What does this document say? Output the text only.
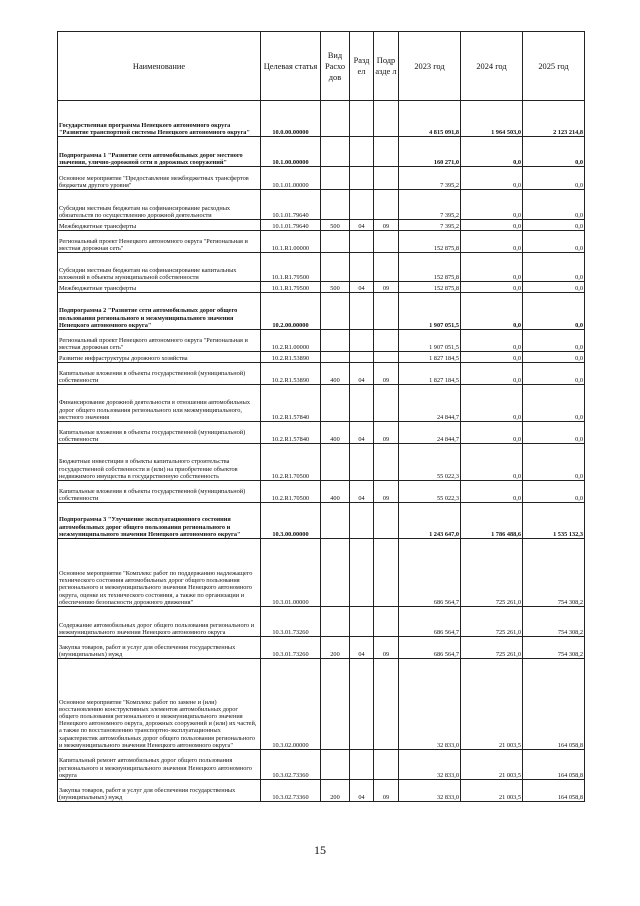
Наименование	Целевая статья	Вид Расхо дов	Разд ел	Подр азде л	2023 год	2024 год	2025 год
Государственная программа Ненецкого автономного округа "Развитие транспортной системы Ненецкого автономного округа"	10.0.00.00000				4 815 091,8	1 964 503,0	2 123 214,8
Подпрограмма 1 "Развитие сети автомобильных дорог местного значения, улично-дорожной сети в дорожных сооружений"	10.1.00.00000				160 271,0	0,0	0,0
Основное мероприятие "Предоставление межбюджетных трансфертов бюджетам другого уровня"	10.1.01.00000				7 395,2	0,0	0,0
Субсидии местным бюджетам на софинансирование расходных обязательств по осуществлению дорожной деятельности	10.1.01.79640				7 395,2	0,0	0,0
Межбюджетные трансферты	10.1.01.79640	500	04	09	7 395,2	0,0	0,0
Региональный проект Ненецкого автономного округа "Региональная и местная дорожная сеть"	10.1.R1.00000				152 875,8	0,0	0,0
Субсидии местным бюджетам на софинансирование капитальных вложений в объекты муниципальной собственности	10.1.R1.79500				152 875,8	0,0	0,0
Межбюджетные трансферты	10.1.R1.79500	500	04	09	152 875,8	0,0	0,0
Подпрограмма 2 "Развитие сети автомобильных дорог общего пользования регионального и межмуниципального значения Ненецкого автономного округа"	10.2.00.00000				1 907 051,5	0,0	0,0
Региональный проект Ненецкого автономного округа "Региональная и местная дорожная сеть"	10.2.R1.00000				1 907 051,5	0,0	0,0
Развитие инфраструктуры дорожного хозяйства	10.2.R1.53890				1 827 184,5	0,0	0,0
Капитальные вложения в объекты государственной (муниципальной) собственности	10.2.R1.53890	400	04	09	1 827 184,5	0,0	0,0
Финансирование дорожной деятельности в отношении автомобильных дорог общего пользования регионального или межмуниципального, местного значения	10.2.R1.57840				24 844,7	0,0	0,0
Капитальные вложения в объекты государственной (муниципальной) собственности	10.2.R1.57840	400	04	09	24 844,7	0,0	0,0
Бюджетные инвестиции в объекты капитального строительства государственной собственности и (или) на приобретение объектов недвижимого имущества в государственную собственность	10.2.R1.70500				55 022,3	0,0	0,0
Капитальные вложения в объекты государственной (муниципальной) собственности	10.2.R1.70500	400	04	09	55 022,3	0,0	0,0
Подпрограмма 3 "Улучшение эксплуатационного состояния автомобильных дорог общего пользования регионального и межмуниципального значения Ненецкого автономного округа"	10.3.00.00000				1 243 647,0	1 786 488,6	1 535 132,3
Основное мероприятие "Комплекс работ по поддержанию надлежащего технического состояния автомобильных дорог общего пользования регионального и межмуниципального значения Ненецкого автономного округа, оценке их технического состояния, а также по организации и обеспечению безопасности дорожного движения"	10.3.01.00000				686 564,7	725 261,0	754 308,2
Содержание автомобильных дорог общего пользования регионального и межмуниципального значения Ненецкого автономного округа	10.3.01.73260				686 564,7	725 261,0	754 308,2
Закупка товаров, работ и услуг для обеспечения государственных (муниципальных) нужд	10.3.01.73260	200	04	09	686 564,7	725 261,0	754 308,2
Основное мероприятие "Комплекс работ по замене и (или) восстановлению конструктивных элементов автомобильных дорог общего пользования регионального и межмуниципального значения Ненецкого автономного округа, дорожных сооружений и (или) их частей, а также по восстановлению транспортно-эксплуатационных характеристик автомобильных дорог общего пользования регионального и межмуниципального значения Ненецкого автономного округа"	10.3.02.00000				32 833,0	21 003,5	164 058,8
Капитальный ремонт автомобильных дорог общего пользования регионального и межмуниципального значения Ненецкого автономного округа	10.3.02.73360				32 833,0	21 003,5	164 058,8
Закупка товаров, работ и услуг для обеспечения государственных (муниципальных) нужд	10.3.02.73360	200	04	09	32 833,0	21 003,5	164 058,8
15
